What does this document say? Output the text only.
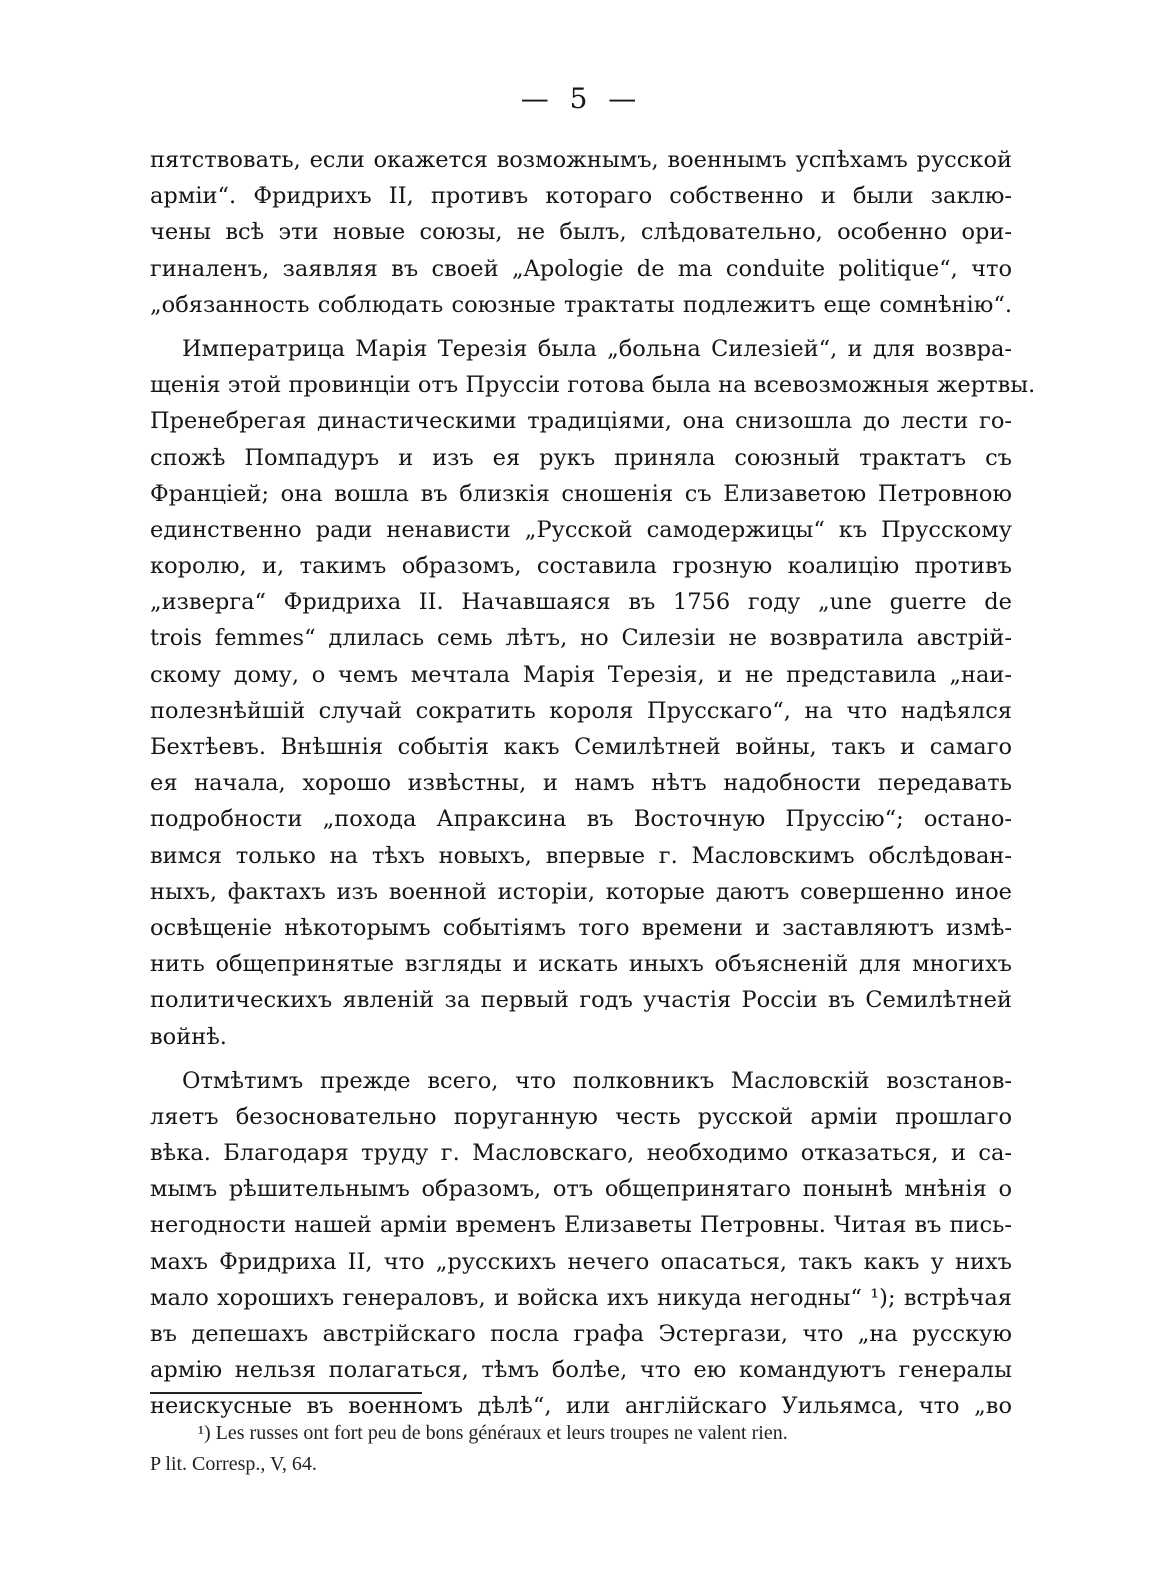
— 5 —
пятствовать, если окажется возможнымъ, военнымъ успѣхамъ русской
арміи“. Фридрихъ II, противъ котораго собственно и были заклю-
чены всѣ эти новые союзы, не былъ, слѣдовательно, особенно ори-
гиналенъ, заявляя въ своей „Apologie de ma conduite politique“, что
„обязанность соблюдать союзные трактаты подлежитъ еще сомнѣнію“.
Императрица Марія Терезія была „больна Силезіей“, и для возвра-
щенія этой провинціи отъ Пруссіи готова была на всевозможныя жертвы.
Пренебрегая династическими традиціями, она снизошла до лести го-
спожѣ Помпадуръ и изъ ея рукъ приняла союзный трактатъ съ
Франціей; она вошла въ близкія сношенія съ Елизаветою Петровною
единственно ради ненависти „Русской самодержицы“ къ Прусскому
королю, и, такимъ образомъ, составила грозную коалицію противъ
„изверга“ Фридриха II. Начавшаяся въ 1756 году „une guerre de
trois femmes“ длилась семь лѣтъ, но Силезіи не возвратила австрій-
скому дому, о чемъ мечтала Марія Терезія, и не представила „наи-
полезнѣйшій случай сократить короля Прусскаго“, на что надѣялся
Бехтѣевъ. Внѣшнія событія какъ Семилѣтней войны, такъ и самаго
ея начала, хорошо извѣстны, и намъ нѣтъ надобности передавать
подробности „похода Апраксина въ Восточную Пруссію“; остано-
вимся только на тѣхъ новыхъ, впервые г. Масловскимъ обслѣдован-
ныхъ, фактахъ изъ военной исторіи, которые даютъ совершенно иное
освѣщеніе нѣкоторымъ событіямъ того времени и заставляютъ измѣ-
нить общепринятые взгляды и искать иныхъ объясненій для многихъ
политическихъ явленій за первый годъ участія Россіи въ Семилѣтней
войнѣ.
Отмѣтимъ прежде всего, что полковникъ Масловскій возстанов-
ляетъ безосновательно поруганную честь русской арміи прошлаго
вѣка. Благодаря труду г. Масловскаго, необходимо отказаться, и са-
мымъ рѣшительнымъ образомъ, отъ общепринятаго понынѣ мнѣнія о
негодности нашей арміи временъ Елизаветы Петровны. Читая въ пись-
махъ Фридриха II, что „русскихъ нечего опасаться, такъ какъ у нихъ
мало хорошихъ генераловъ, и войска ихъ никуда негодны“ ¹); встрѣчая
въ депешахъ австрійскаго посла графа Эстергази, что „на русскую
армію нельзя полагаться, тѣмъ болѣе, что ею командуютъ генералы
неискусные въ военномъ дѣлѣ“, или англійскаго Уильямса, что „во
¹) Les russes ont fort peu de bons généraux et leurs troupes ne valent rien.
P lit. Corresp., V, 64.
